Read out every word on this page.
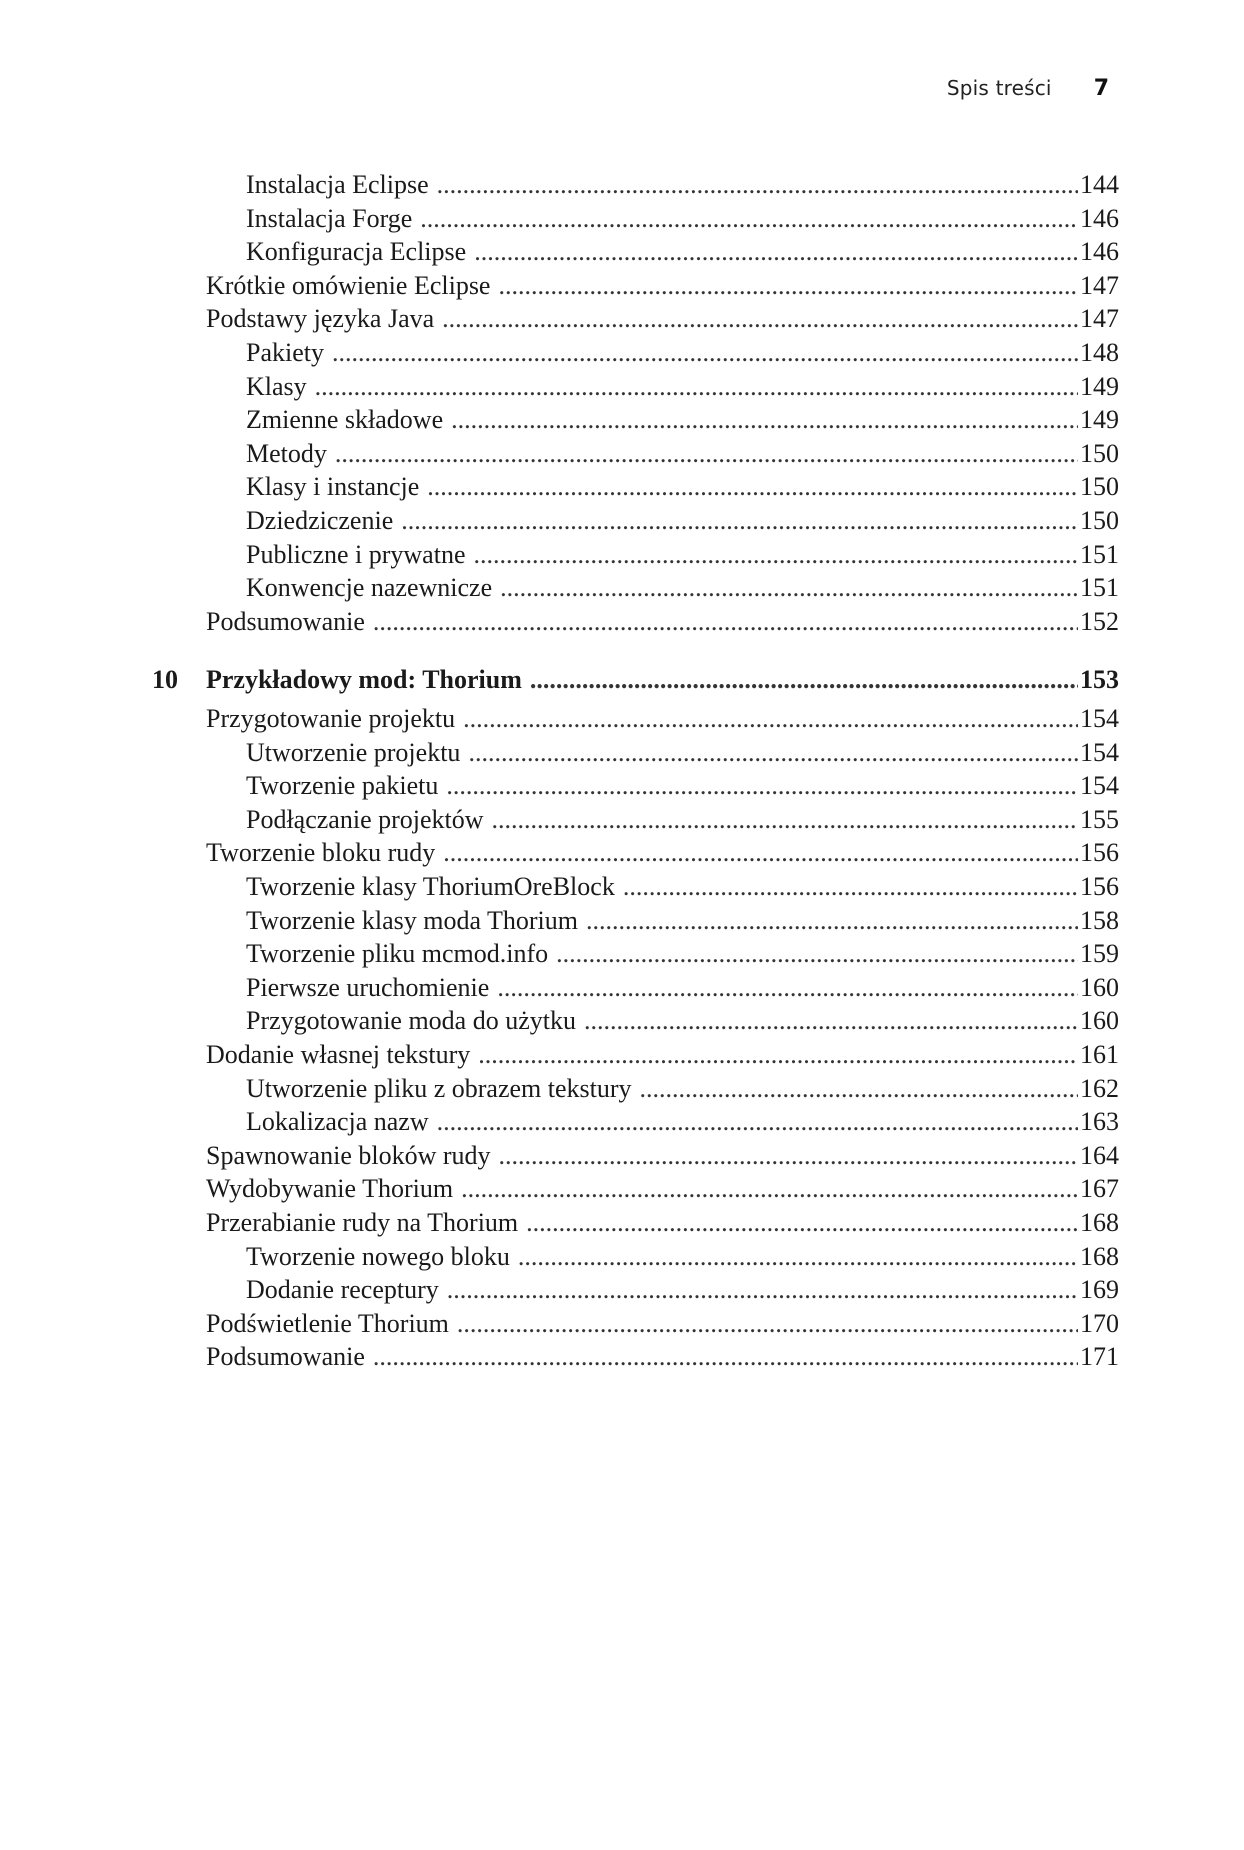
Spis treści 7
Instalacja Eclipse .....	144
Instalacja Forge .....	146
Konfiguracja Eclipse .....	146
Krótkie omówienie Eclipse .....	147
Podstawy języka Java .....	147
Pakiety .....	148
Klasy .....	149
Zmienne składowe .....	149
Metody .....	150
Klasy i instancje .....	150
Dziedziczenie .....	150
Publiczne i prywatne .....	151
Konwencje nazewnicze .....	151
Podsumowanie .....	152
10	Przykładowy mod: Thorium .....	153
Przygotowanie projektu .....	154
Utworzenie projektu .....	154
Tworzenie pakietu .....	154
Podłączanie projektów .....	155
Tworzenie bloku rudy .....	156
Tworzenie klasy ThoriumOreBlock .....	156
Tworzenie klasy moda Thorium .....	158
Tworzenie pliku mcmod.info .....	159
Pierwsze uruchomienie .....	160
Przygotowanie moda do użytku .....	160
Dodanie własnej tekstury .....	161
Utworzenie pliku z obrazem tekstury .....	162
Lokalizacja nazw .....	163
Spawnowanie bloków rudy .....	164
Wydobywanie Thorium .....	167
Przerabianie rudy na Thorium .....	168
Tworzenie nowego bloku .....	168
Dodanie receptury .....	169
Podświetlenie Thorium .....	170
Podsumowanie .....	171
